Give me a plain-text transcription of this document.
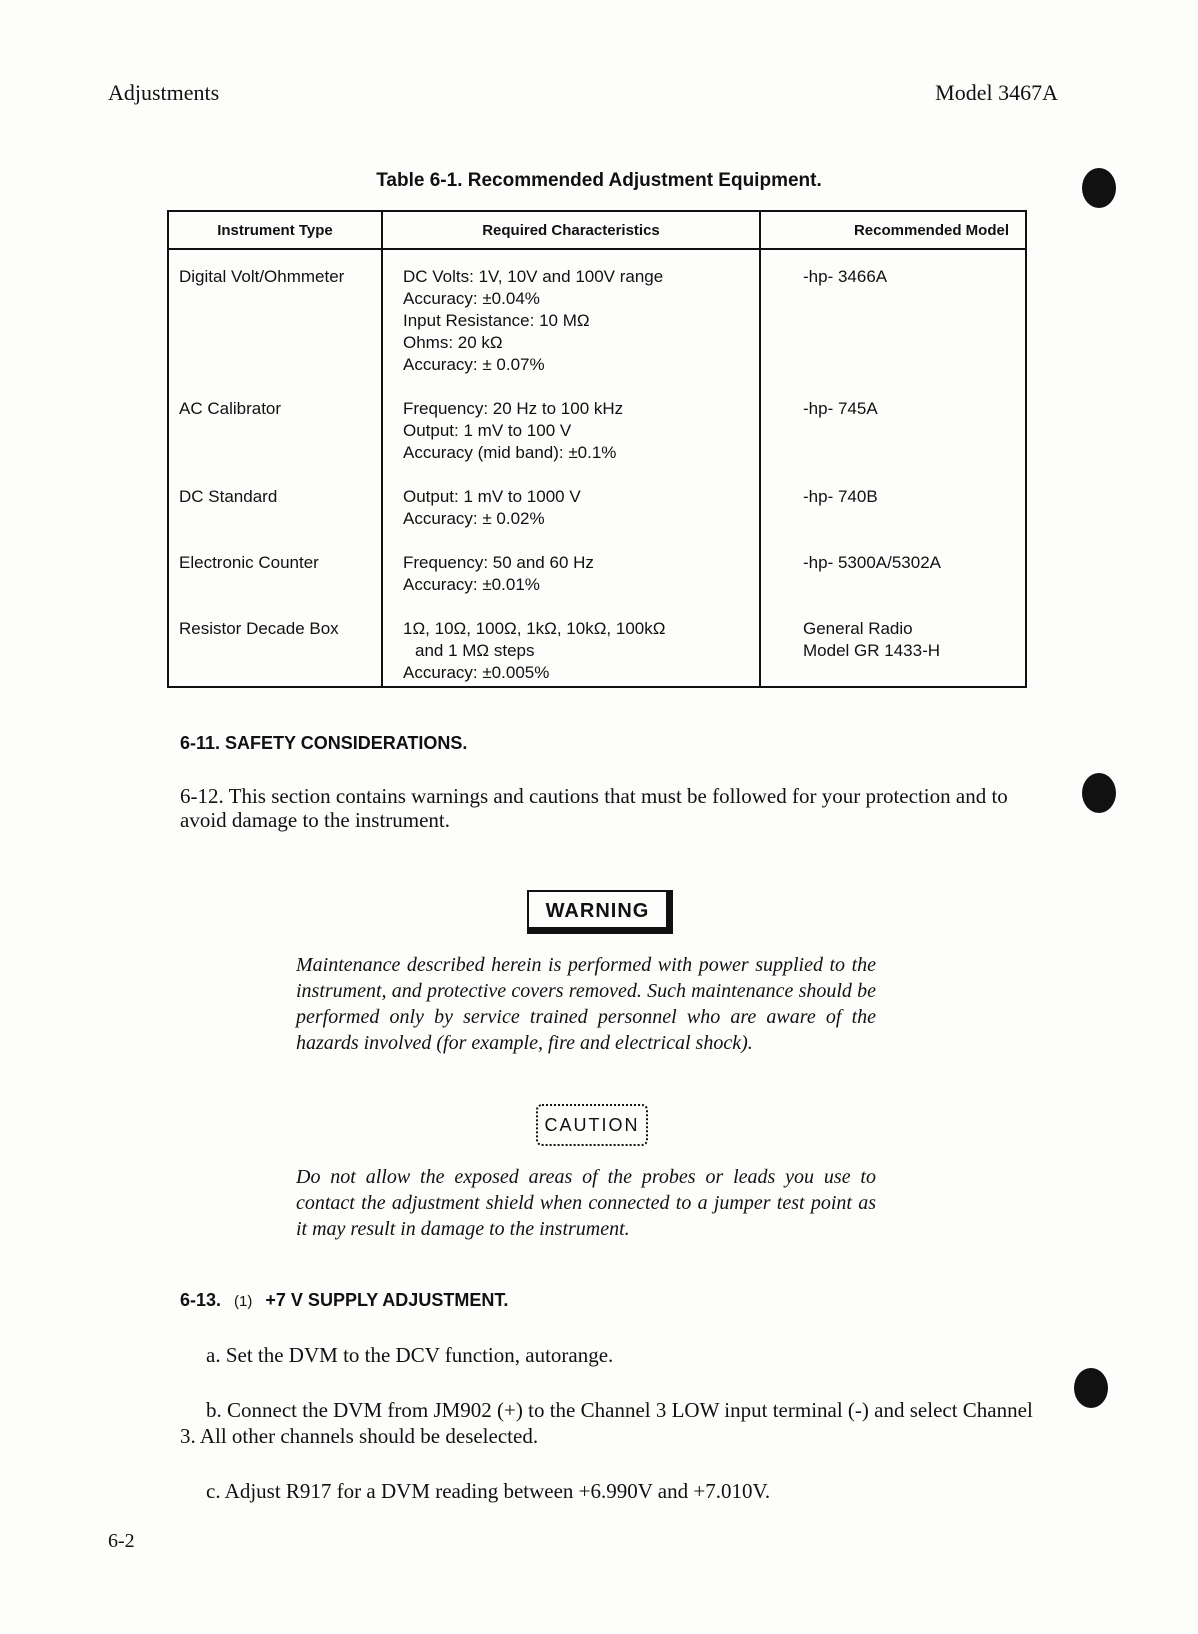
Adjustments	Model 3467A
Table 6-1. Recommended Adjustment Equipment.
Instrument Type	Required Characteristics	Recommended Model
Digital Volt/Ohmmeter	DC Volts: 1V, 10V and 100V range
Accuracy: ±0.04%
Input Resistance: 10 MΩ
Ohms: 20 kΩ
Accuracy: ± 0.07%	-hp- 3466A

AC Calibrator	Frequency: 20 Hz to 100 kHz
Output: 1 mV to 100 V
Accuracy (mid band): ±0.1%	-hp- 745A

DC Standard	Output: 1 mV to 1000 V
Accuracy: ± 0.02%	-hp- 740B

Electronic Counter	Frequency: 50 and 60 Hz
Accuracy: ±0.01%	-hp- 5300A/5302A

Resistor Decade Box	1Ω, 10Ω, 100Ω, 1kΩ, 10kΩ, 100kΩ
and 1 MΩ steps
Accuracy: ±0.005%	General Radio
Model GR 1433-H
6-11. SAFETY CONSIDERATIONS.
6-12. This section contains warnings and cautions that must be followed for your protection and to avoid damage to the instrument.
WARNING
Maintenance described herein is performed with power supplied to the instrument, and protective covers removed. Such maintenance should be performed only by service trained personnel who are aware of the hazards involved (for example, fire and electrical shock).
CAUTION
Do not allow the exposed areas of the probes or leads you use to contact the adjustment shield when connected to a jumper test point as it may result in damage to the instrument.
6-13. (1) +7 V SUPPLY ADJUSTMENT.
a. Set the DVM to the DCV function, autorange.
b. Connect the DVM from JM902 (+) to the Channel 3 LOW input terminal (-) and select Channel 3. All other channels should be deselected.
c. Adjust R917 for a DVM reading between +6.990V and +7.010V.
6-2
